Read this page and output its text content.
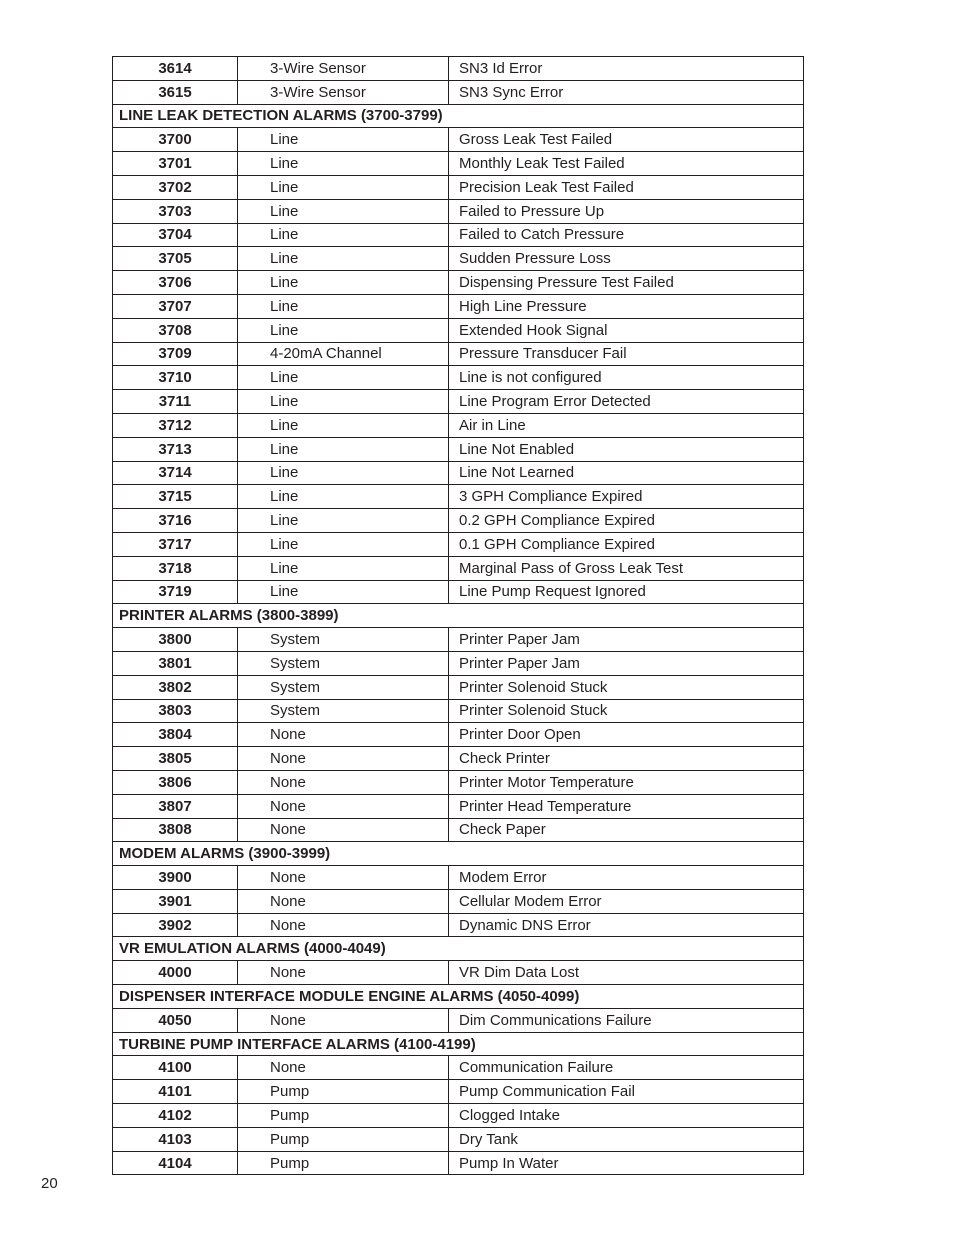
3614	3-Wire Sensor	SN3 Id Error
3615	3-Wire Sensor	SN3 Sync Error
LINE LEAK DETECTION ALARMS (3700-3799)		
3700	Line	Gross Leak Test Failed
3701	Line	Monthly Leak Test Failed
3702	Line	Precision Leak Test Failed
3703	Line	Failed to Pressure Up
3704	Line	Failed to Catch Pressure
3705	Line	Sudden Pressure Loss
3706	Line	Dispensing Pressure Test Failed
3707	Line	High Line Pressure
3708	Line	Extended Hook Signal
3709	4-20mA Channel	Pressure Transducer Fail
3710	Line	Line is not configured
3711	Line	Line Program Error Detected
3712	Line	Air in Line
3713	Line	Line Not Enabled
3714	Line	Line Not Learned
3715	Line	3 GPH Compliance Expired
3716	Line	0.2 GPH Compliance Expired
3717	Line	0.1 GPH Compliance Expired
3718	Line	Marginal Pass of Gross Leak Test
3719	Line	Line Pump Request Ignored
PRINTER ALARMS (3800-3899)		
3800	System	Printer Paper Jam
3801	System	Printer Paper Jam
3802	System	Printer Solenoid Stuck
3803	System	Printer Solenoid Stuck
3804	None	Printer Door Open
3805	None	Check Printer
3806	None	Printer Motor Temperature
3807	None	Printer Head Temperature
3808	None	Check Paper
MODEM ALARMS (3900-3999)		
3900	None	Modem Error
3901	None	Cellular Modem Error
3902	None	Dynamic DNS Error
VR EMULATION ALARMS (4000-4049)		
4000	None	VR Dim Data Lost
DISPENSER INTERFACE MODULE ENGINE ALARMS (4050-4099)		
4050	None	Dim Communications Failure
TURBINE PUMP INTERFACE ALARMS (4100-4199)		
4100	None	Communication Failure
4101	Pump	Pump Communication Fail
4102	Pump	Clogged Intake
4103	Pump	Dry Tank
4104	Pump	Pump In Water
20
